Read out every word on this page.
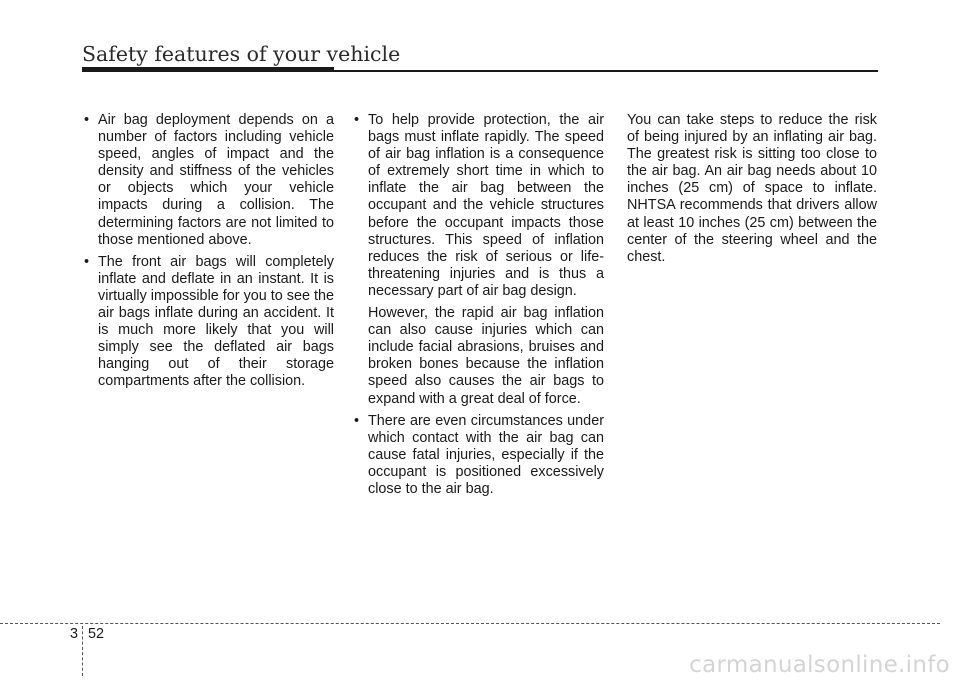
Safety features of your vehicle
• Air bag deployment depends on a number of factors including vehicle speed, angles of impact and the density and stiffness of the vehicles or objects which your vehicle impacts during a collision. The determining factors are not limited to those mentioned above.
• The front air bags will completely inflate and deflate in an instant. It is virtually impossible for you to see the air bags inflate during an accident. It is much more likely that you will simply see the deflated air bags hanging out of their storage compartments after the collision.
• To help provide protection, the air bags must inflate rapidly. The speed of air bag inflation is a consequence of extremely short time in which to inflate the air bag between the occupant and the vehicle structures before the occupant impacts those structures. This speed of inflation reduces the risk of serious or life-threatening injuries and is thus a necessary part of air bag design.

However, the rapid air bag inflation can also cause injuries which can include facial abrasions, bruises and broken bones because the inflation speed also causes the air bags to expand with a great deal of force.

• There are even circumstances under which contact with the air bag can cause fatal injuries, especially if the occupant is positioned excessively close to the air bag.

You can take steps to reduce the risk of being injured by an inflating air bag. The greatest risk is sitting too close to the air bag. An air bag needs about 10 inches (25 cm) of space to inflate. NHTSA recommends that drivers allow at least 10 inches (25 cm) between the center of the steering wheel and the chest.

3 52
carmanualsonline.info
